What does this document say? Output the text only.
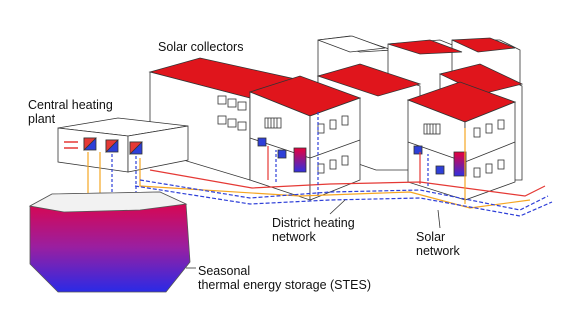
Solar collectors
Central heating
plant
District heating
network	Solar
network
Seasonal
thermal energy storage (STES)
